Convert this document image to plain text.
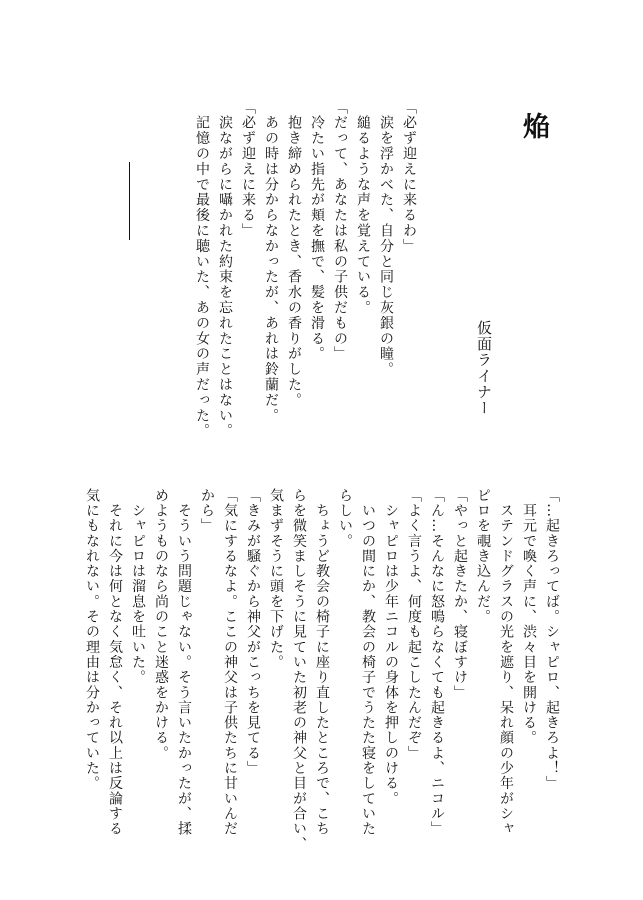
焔
仮面ライナー
「必ず迎えに来るわ」
　涙を浮かべた、自分と同じ灰銀の瞳。
　縋るような声を覚えている。
「だって、あなたは私の子供だもの」
　冷たい指先が頬を撫で、髪を滑る。
　抱き締められたとき、香水の香りがした。
　あの時は分からなかったが、あれは鈴蘭だ。
「必ず迎えに来る」
　涙ながらに囁かれた約束を忘れたことはない。
　記憶の中で最後に聴いた、あの女の声だった。
「…起きろってば。シャピロ、起きろよ！」
　耳元で喚く声に、渋々目を開ける。
　ステンドグラスの光を遮り、呆れ顔の少年がシャ
ピロを覗き込んだ。
「やっと起きたか、寝ぼすけ」
「ん…そんなに怒鳴らなくても起きるよ、ニコル」
「よく言うよ、何度も起こしたんだぞ」
　シャピロは少年ニコルの身体を押しのける。
　いつの間にか、教会の椅子でうたた寝をしていた
らしい。
　ちょうど教会の椅子に座り直したところで、こち
らを微笑ましそうに見ていた初老の神父と目が合い、
気まずそうに頭を下げた。
「きみが騒ぐから神父がこっちを見てる」
「気にするなよ。ここの神父は子供たちに甘いんだ
から」
　そういう問題じゃない。そう言いたかったが、揉
めようものなら尚のこと迷惑をかける。
　シャピロは溜息を吐いた。
　それに今は何となく気怠く、それ以上は反論する
気にもなれない。その理由は分かっていた。
